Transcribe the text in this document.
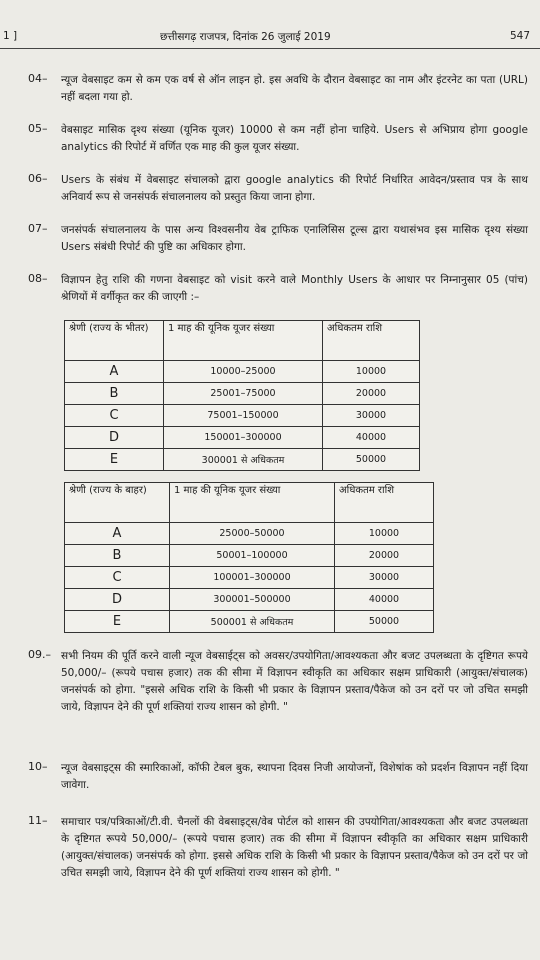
1 ]	छत्तीसगढ़ राजपत्र, दिनांक 26 जुलाई 2019	547
04– न्यूज वेबसाइट कम से कम एक वर्ष से ऑन लाइन हो. इस अवधि के दौरान वेबसाइट का नाम और इंटरनेट का पता (URL) नहीं बदला गया हो.
05– वेबसाइट मासिक दृश्य संख्या (यूनिक यूजर) 10000 से कम नहीं होना चाहिये. Users से अभिप्राय होगा google analytics की रिपोर्ट में वर्णित एक माह की कुल यूजर संख्या.
06– Users के संबंध में वेबसाइट संचालको द्वारा google analytics की रिपोर्ट निर्धारित आवेदन/प्रस्ताव पत्र के साथ अनिवार्य रूप से जनसंपर्क संचालनालय को प्रस्तुत किया जाना होगा.
07– जनसंपर्क संचालनालय के पास अन्य विश्वसनीय वेब ट्राफिक एनालिसिस टूल्स द्वारा यथासंभव इस मासिक दृश्य संख्या Users संबंधी रिपोर्ट की पुष्टि का अधिकार होगा.
08– विज्ञापन हेतु राशि की गणना वेबसाइट को visit करने वाले Monthly Users के आधार पर निम्नानुसार 05 (पांच) श्रेणियों में वर्गीकृत कर की जाएगी :–
श्रेणी (राज्य के भीतर)	1 माह की यूनिक यूजर संख्या	अधिकतम राशि
A	10000–25000	10000
B	25001–75000	20000
C	75001–150000	30000
D	150001–300000	40000
E	300001 से अधिकतम	50000
श्रेणी (राज्य के बाहर)	1 माह की यूनिक यूजर संख्या	अधिकतम राशि
A	25000–50000	10000
B	50001–100000	20000
C	100001–300000	30000
D	300001–500000	40000
E	500001 से अधिकतम	50000
09.– सभी नियम की पूर्ति करने वाली न्यूज वेबसाईट्स को अवसर/उपयोगिता/आवश्यकता और बजट उपलब्धता के दृष्टिगत रूपये 50,000/– (रूपये पचास हजार) तक की सीमा में विज्ञापन स्वीकृति का अधिकार सक्षम प्राधिकारी (आयुक्त/संचालक) जनसंपर्क को होगा. "इससे अधिक राशि के किसी भी प्रकार के विज्ञापन प्रस्ताव/पैकेज को उन दरों पर जो उचित समझी जाये, विज्ञापन देने की पूर्ण शक्तियां राज्य शासन को होगी. "
10– न्यूज वेबसाइट्स की स्मारिकाओं, कॉफी टेबल बुक, स्थापना दिवस निजी आयोजनों, विशेषांक को प्रदर्शन विज्ञापन नहीं दिया जावेगा.
11– समाचार पत्र/पत्रिकाओं/टी.वी. चैनलों की वेबसाइट्स/वेब पोर्टल को शासन की उपयोगिता/आवश्यकता और बजट उपलब्धता के दृष्टिगत रूपये 50,000/– (रूपये पचास हजार) तक की सीमा में विज्ञापन स्वीकृति का अधिकार सक्षम प्राधिकारी (आयुक्त/संचालक) जनसंपर्क को होगा. इससे अधिक राशि के किसी भी प्रकार के विज्ञापन प्रस्ताव/पैकेज को उन दरों पर जो उचित समझी जाये, विज्ञापन देने की पूर्ण शक्तियां राज्य शासन को होगी. "
